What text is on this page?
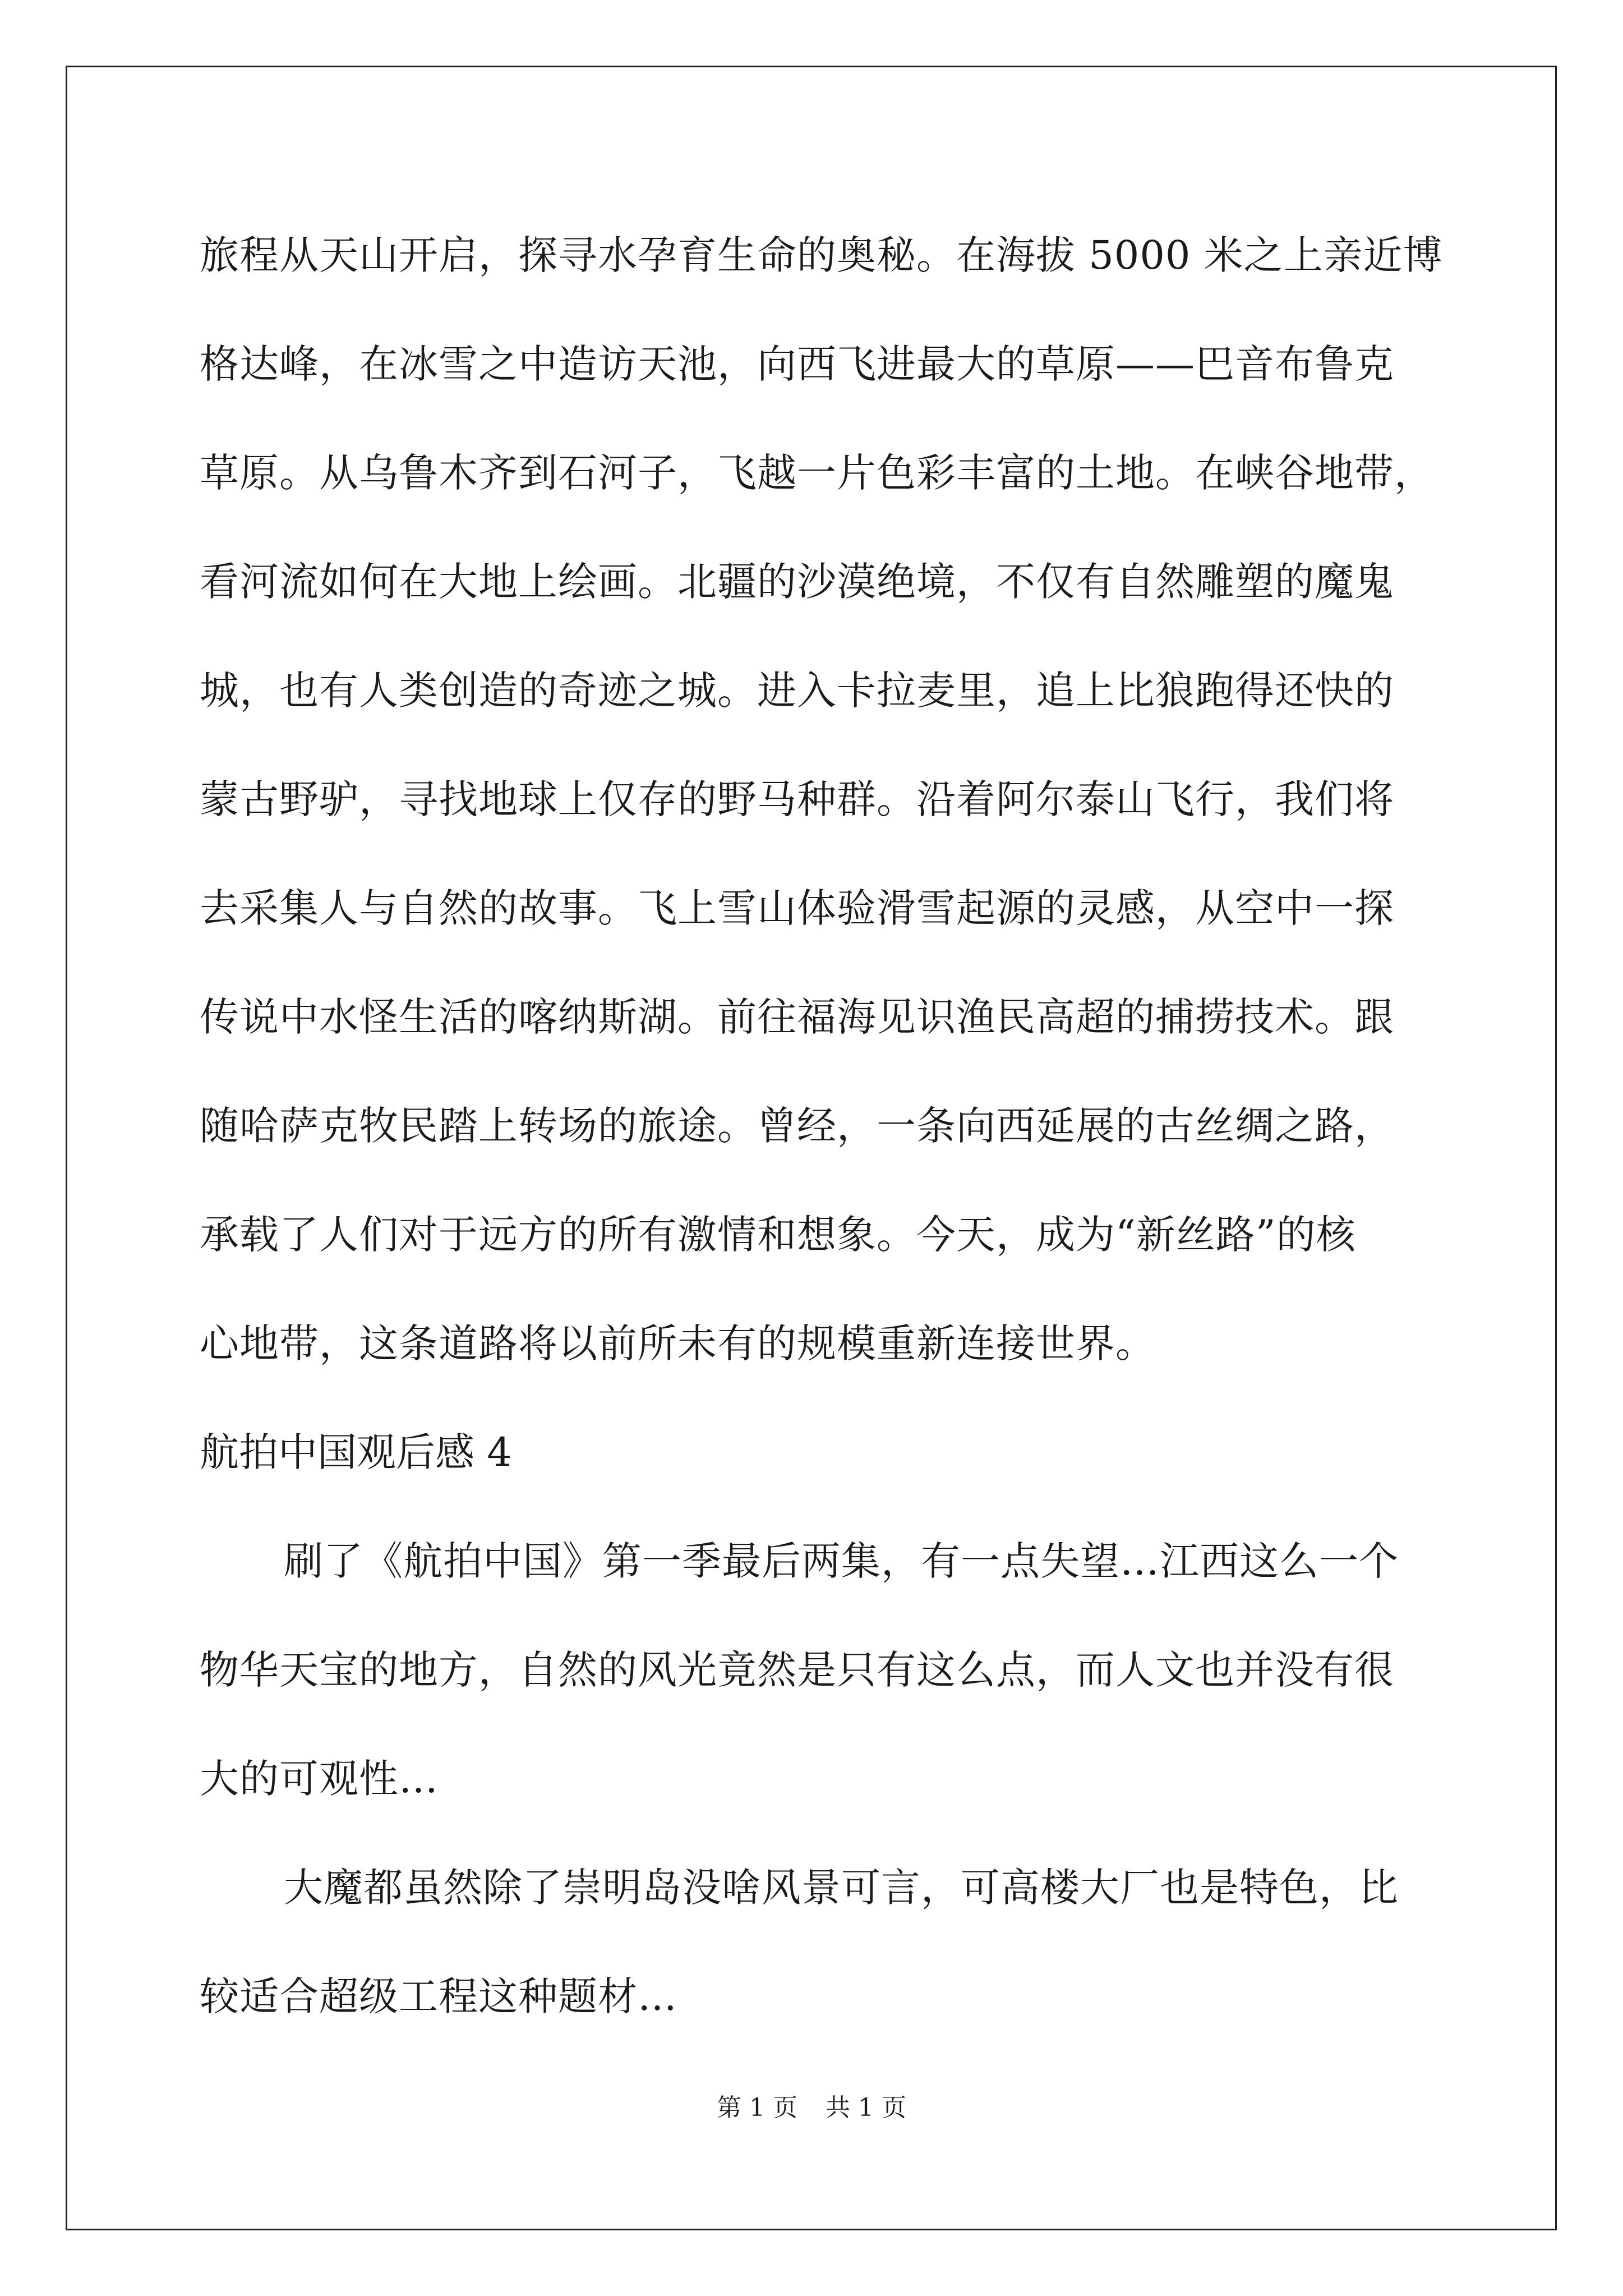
旅程从天山开启，探寻水孕育生命的奥秘。在海拔 5000 米之上亲近博
格达峰，在冰雪之中造访天池，向西飞进最大的草原——巴音布鲁克
草原。从乌鲁木齐到石河子，飞越一片色彩丰富的土地。在峡谷地带，
看河流如何在大地上绘画。北疆的沙漠绝境，不仅有自然雕塑的魔鬼
城，也有人类创造的奇迹之城。进入卡拉麦里，追上比狼跑得还快的
蒙古野驴，寻找地球上仅存的野马种群。沿着阿尔泰山飞行，我们将
去采集人与自然的故事。飞上雪山体验滑雪起源的灵感，从空中一探
传说中水怪生活的喀纳斯湖。前往福海见识渔民高超的捕捞技术。跟
随哈萨克牧民踏上转场的旅途。曾经，一条向西延展的古丝绸之路，
承载了人们对于远方的所有激情和想象。今天，成为“新丝路”的核
心地带，这条道路将以前所未有的规模重新连接世界。
航拍中国观后感 4
刷了《航拍中国》第一季最后两集，有一点失望…江西这么一个
物华天宝的地方，自然的风光竟然是只有这么点，而人文也并没有很
大的可观性…
大魔都虽然除了崇明岛没啥风景可言，可高楼大厂也是特色，比
较适合超级工程这种题材…
第 1 页 共 1 页
